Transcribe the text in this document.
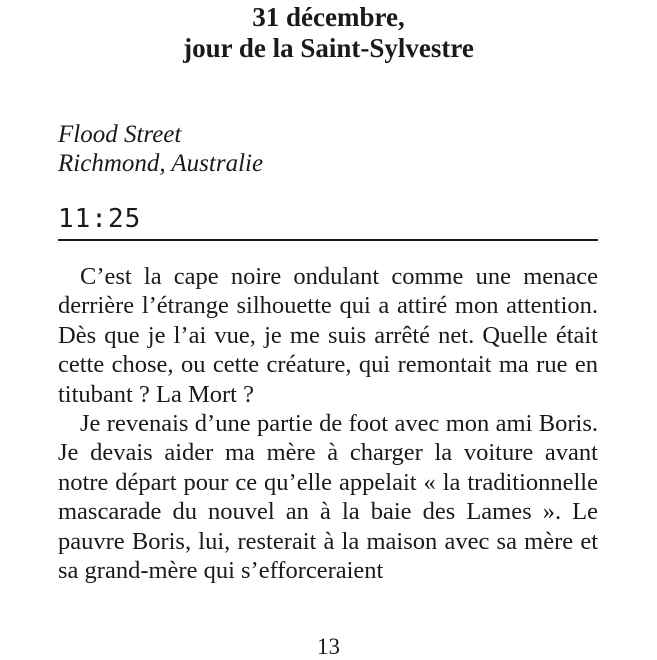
31 décembre,
jour de la Saint-Sylvestre
Flood Street
Richmond, Australie
11:25

C’est la cape noire ondulant comme une menace derrière l’étrange silhouette qui a attiré mon attention. Dès que je l’ai vue, je me suis arrêté net. Quelle était cette chose, ou cette créature, qui remontait ma rue en titubant ? La Mort ?

Je revenais d’une partie de foot avec mon ami Boris. Je devais aider ma mère à charger la voiture avant notre départ pour ce qu’elle appelait « la traditionnelle mascarade du nouvel an à la baie des Lames ». Le pauvre Boris, lui, resterait à la maison avec sa mère et sa grand-mère qui s’efforceraient

13
